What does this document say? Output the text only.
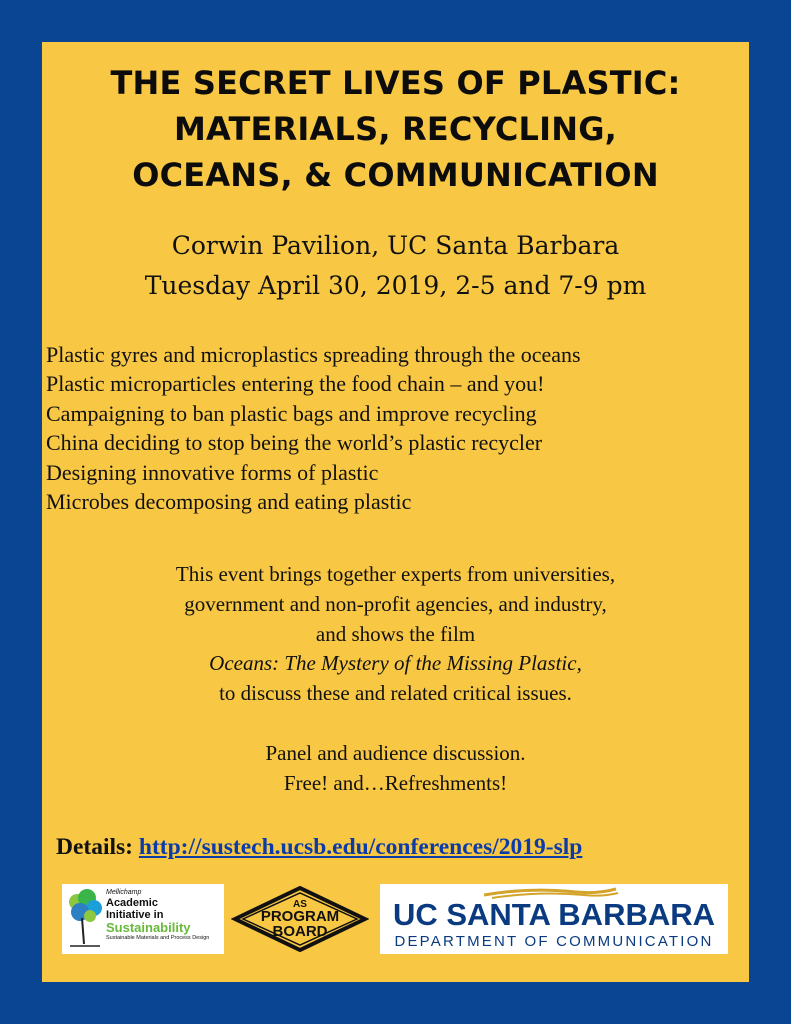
THE SECRET LIVES OF PLASTIC:
MATERIALS, RECYCLING,
OCEANS, & COMMUNICATION
Corwin Pavilion, UC Santa Barbara
Tuesday April 30, 2019, 2-5 and 7-9 pm
Plastic gyres and microplastics spreading through the oceans
Plastic microparticles entering the food chain – and you!
Campaigning to ban plastic bags and improve recycling
China deciding to stop being the world’s plastic recycler
Designing innovative forms of plastic
Microbes decomposing and eating plastic
This event brings together experts from universities,
government and non-profit agencies, and industry,
and shows the film
Oceans: The Mystery of the Missing Plastic,
to discuss these and related critical issues.
Panel and audience discussion.
Free! and…Refreshments!
Details: http://sustech.ucsb.edu/conferences/2019-slp
Mellichamp
Academic
Initiative in
Sustainability
Sustainable Materials and Process Design
AS
PROGRAM
BOARD	UC SANTA BARBARA
DEPARTMENT OF COMMUNICATION
